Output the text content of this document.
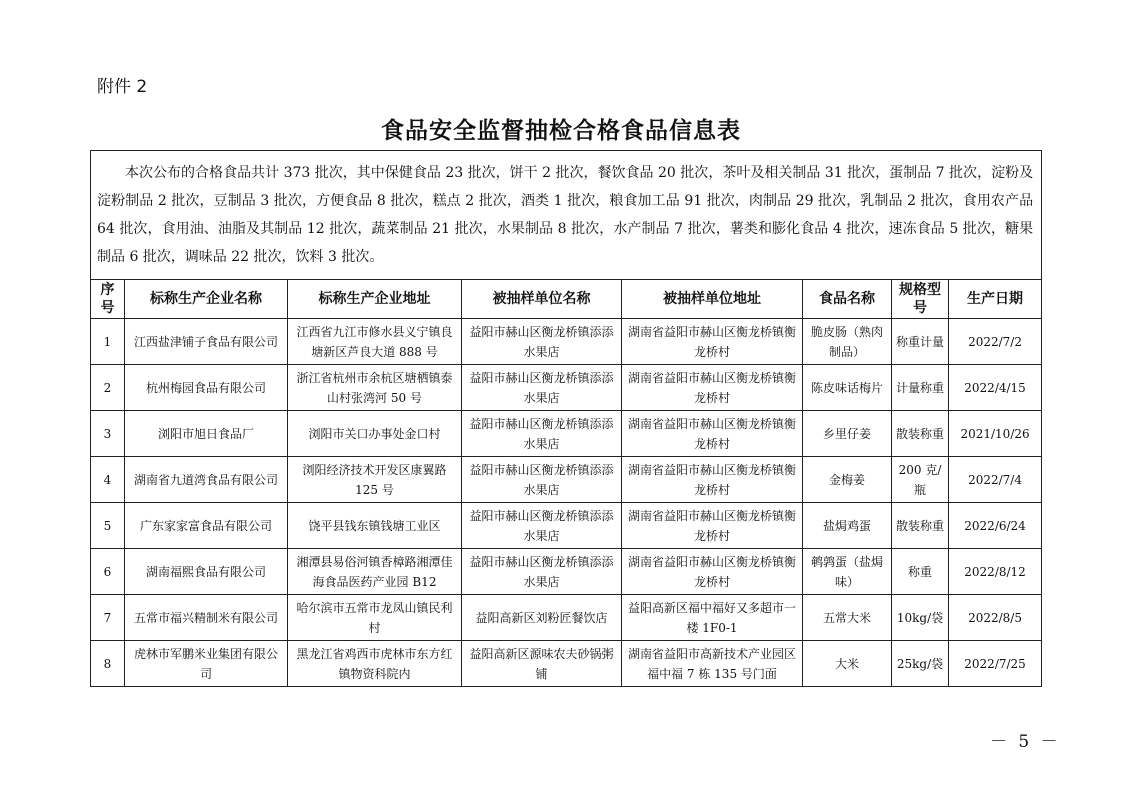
附件 2
食品安全监督抽检合格食品信息表
本次公布的合格食品共计 373 批次，其中保健食品 23 批次，饼干 2 批次，餐饮食品 20 批次，茶叶及相关制品 31 批次，蛋制品 7 批次，淀粉及淀粉制品 2 批次，豆制品 3 批次，方便食品 8 批次，糕点 2 批次，酒类 1 批次，粮食加工品 91 批次，肉制品 29 批次，乳制品 2 批次，食用农产品 64 批次，食用油、油脂及其制品 12 批次，蔬菜制品 21 批次，水果制品 8 批次，水产制品 7 批次，薯类和膨化食品 4 批次，速冻食品 5 批次，糖果制品 6 批次，调味品 22 批次，饮料 3 批次。							

序号	标称生产企业名称	标称生产企业地址	被抽样单位名称	被抽样单位地址	食品名称	规格型号	生产日期
1	江西盐津铺子食品有限公司	江西省九江市修水县义宁镇良塘新区芦良大道 888 号	益阳市赫山区衡龙桥镇添添水果店	湖南省益阳市赫山区衡龙桥镇衡龙桥村	脆皮肠（熟肉制品）	称重计量	2022/7/2
2	杭州梅园食品有限公司	浙江省杭州市余杭区塘栖镇泰山村张湾河 50 号	益阳市赫山区衡龙桥镇添添水果店	湖南省益阳市赫山区衡龙桥镇衡龙桥村	陈皮味话梅片	计量称重	2022/4/15
3	浏阳市旭日食品厂	浏阳市关口办事处金口村	益阳市赫山区衡龙桥镇添添水果店	湖南省益阳市赫山区衡龙桥镇衡龙桥村	乡里仔姜	散装称重	2021/10/26
4	湖南省九道湾食品有限公司	浏阳经济技术开发区康翼路 125 号	益阳市赫山区衡龙桥镇添添水果店	湖南省益阳市赫山区衡龙桥镇衡龙桥村	金梅姜	200 克/瓶	2022/7/4
5	广东家家富食品有限公司	饶平县钱东镇钱塘工业区	益阳市赫山区衡龙桥镇添添水果店	湖南省益阳市赫山区衡龙桥镇衡龙桥村	盐焗鸡蛋	散装称重	2022/6/24
6	湖南福熙食品有限公司	湘潭县易俗河镇香樟路湘潭佳海食品医药产业园 B12	益阳市赫山区衡龙桥镇添添水果店	湖南省益阳市赫山区衡龙桥镇衡龙桥村	鹌鹑蛋（盐焗味）	称重	2022/8/12
7	五常市福兴精制米有限公司	哈尔滨市五常市龙凤山镇民利村	益阳高新区刘粉匠餐饮店	益阳高新区福中福好又多超市一楼 1F0-1	五常大米	10kg/袋	2022/8/5
8	虎林市军鹏米业集团有限公司	黑龙江省鸡西市虎林市东方红镇物资科院内	益阳高新区源味农夫砂锅粥铺	湖南省益阳市高新技术产业园区福中福 7 栋 135 号门面	大米	25kg/袋	2022/7/25
－ 5 －
